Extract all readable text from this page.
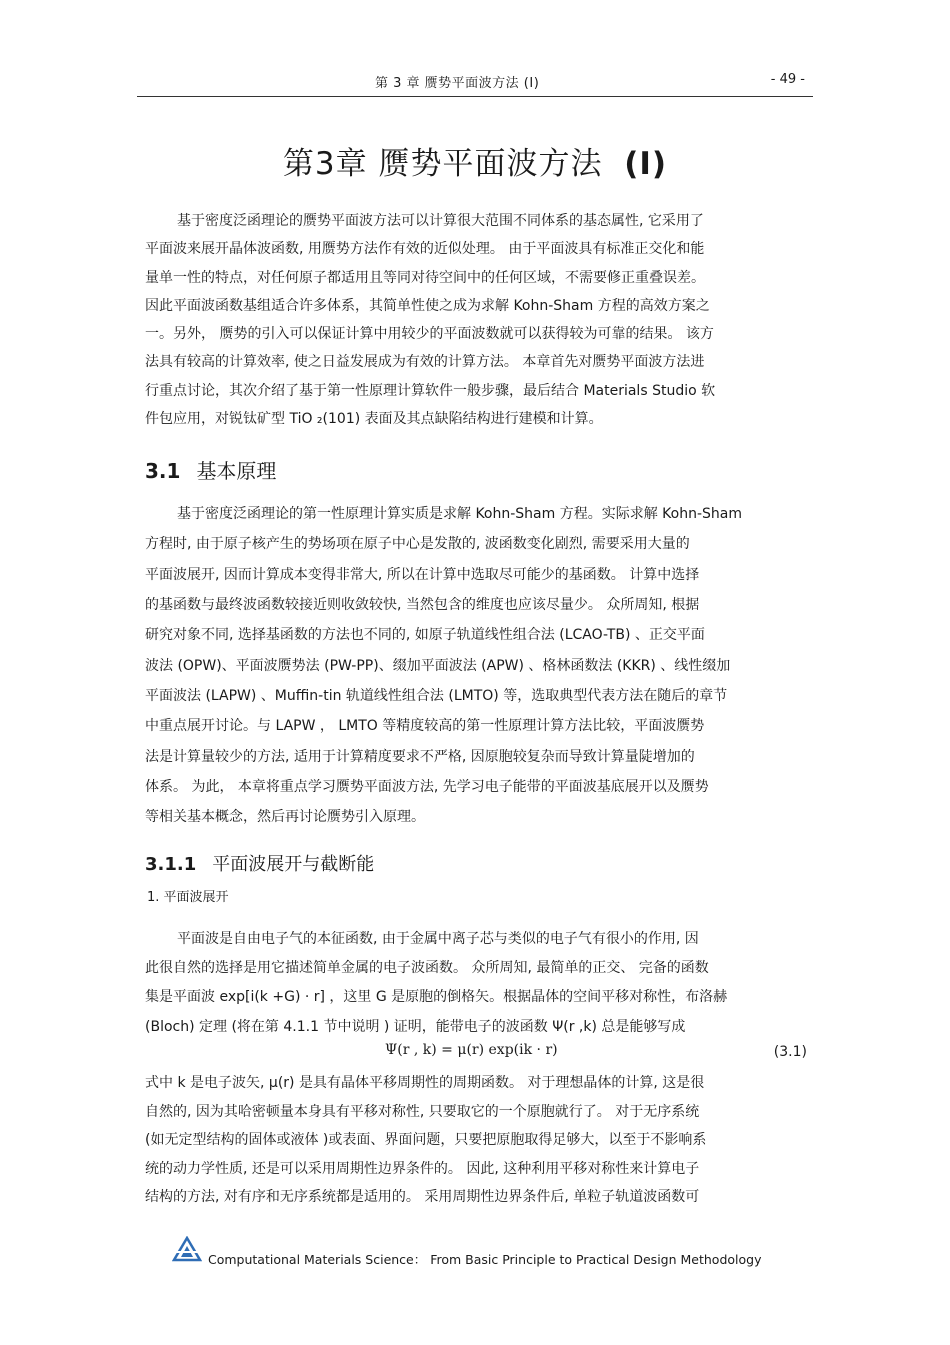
第 3 章 赝势平面波方法 (I)	- 49 -
第3章 赝势平面波方法 (I)

基于密度泛函理论的赝势平面波方法可以计算很大范围不同体系的基态属性, 它采用了
平面波来展开晶体波函数, 用赝势方法作有效的近似处理。 由于平面波具有标准正交化和能
量单一性的特点，对任何原子都适用且等同对待空间中的任何区域，不需要修正重叠误差。
因此平面波函数基组适合许多体系，其简单性使之成为求解 Kohn-Sham 方程的高效方案之
一。另外， 赝势的引入可以保证计算中用较少的平面波数就可以获得较为可靠的结果。 该方
法具有较高的计算效率, 使之日益发展成为有效的计算方法。 本章首先对赝势平面波方法进
行重点讨论，其次介绍了基于第一性原理计算软件一般步骤，最后结合 Materials Studio 软
件包应用，对锐钛矿型 TiO ₂(101) 表面及其点缺陷结构进行建模和计算。

3.1 基本原理

基于密度泛函理论的第一性原理计算实质是求解 Kohn-Sham 方程。实际求解 Kohn-Sham
方程时, 由于原子核产生的势场项在原子中心是发散的, 波函数变化剧烈, 需要采用大量的
平面波展开, 因而计算成本变得非常大, 所以在计算中选取尽可能少的基函数。 计算中选择
的基函数与最终波函数较接近则收敛较快, 当然包含的维度也应该尽量少。 众所周知, 根据
研究对象不同, 选择基函数的方法也不同的, 如原子轨道线性组合法 (LCAO-TB) 、正交平面
波法 (OPW)、平面波赝势法 (PW-PP)、缀加平面波法 (APW) 、格林函数法 (KKR) 、线性缀加
平面波法 (LAPW) 、Muffin-tin 轨道线性组合法 (LMTO) 等，选取典型代表方法在随后的章节
中重点展开讨论。与 LAPW ， LMTO 等精度较高的第一性原理计算方法比较，平面波赝势
法是计算量较少的方法, 适用于计算精度要求不严格, 因原胞较复杂而导致计算量陡增加的
体系。 为此， 本章将重点学习赝势平面波方法, 先学习电子能带的平面波基底展开以及赝势
等相关基本概念，然后再讨论赝势引入原理。

3.1.1 平面波展开与截断能

1. 平面波展开

平面波是自由电子气的本征函数, 由于金属中离子芯与类似的电子气有很小的作用, 因
此很自然的选择是用它描述简单金属的电子波函数。 众所周知, 最简单的正交、 完备的函数
集是平面波 exp[i(k +G) · r] ，这里 G 是原胞的倒格矢。根据晶体的空间平移对称性，布洛赫
(Bloch) 定理 (将在第 4.1.1 节中说明 ) 证明，能带电子的波函数 Ψ(r ,k) 总是能够写成

Ψ(r , k) = μ(r) exp(ik · r)	(3.1)

式中 k 是电子波矢, μ(r) 是具有晶体平移周期性的周期函数。 对于理想晶体的计算, 这是很
自然的, 因为其哈密顿量本身具有平移对称性, 只要取它的一个原胞就行了。 对于无序系统
(如无定型结构的固体或液体 )或表面、界面问题，只要把原胞取得足够大，以至于不影响系
统的动力学性质, 还是可以采用周期性边界条件的。 因此, 这种利用平移对称性来计算电子
结构的方法, 对有序和无序系统都是适用的。 采用周期性边界条件后, 单粒子轨道波函数可

Computational Materials Science： From Basic Principle to Practical Design Methodology
